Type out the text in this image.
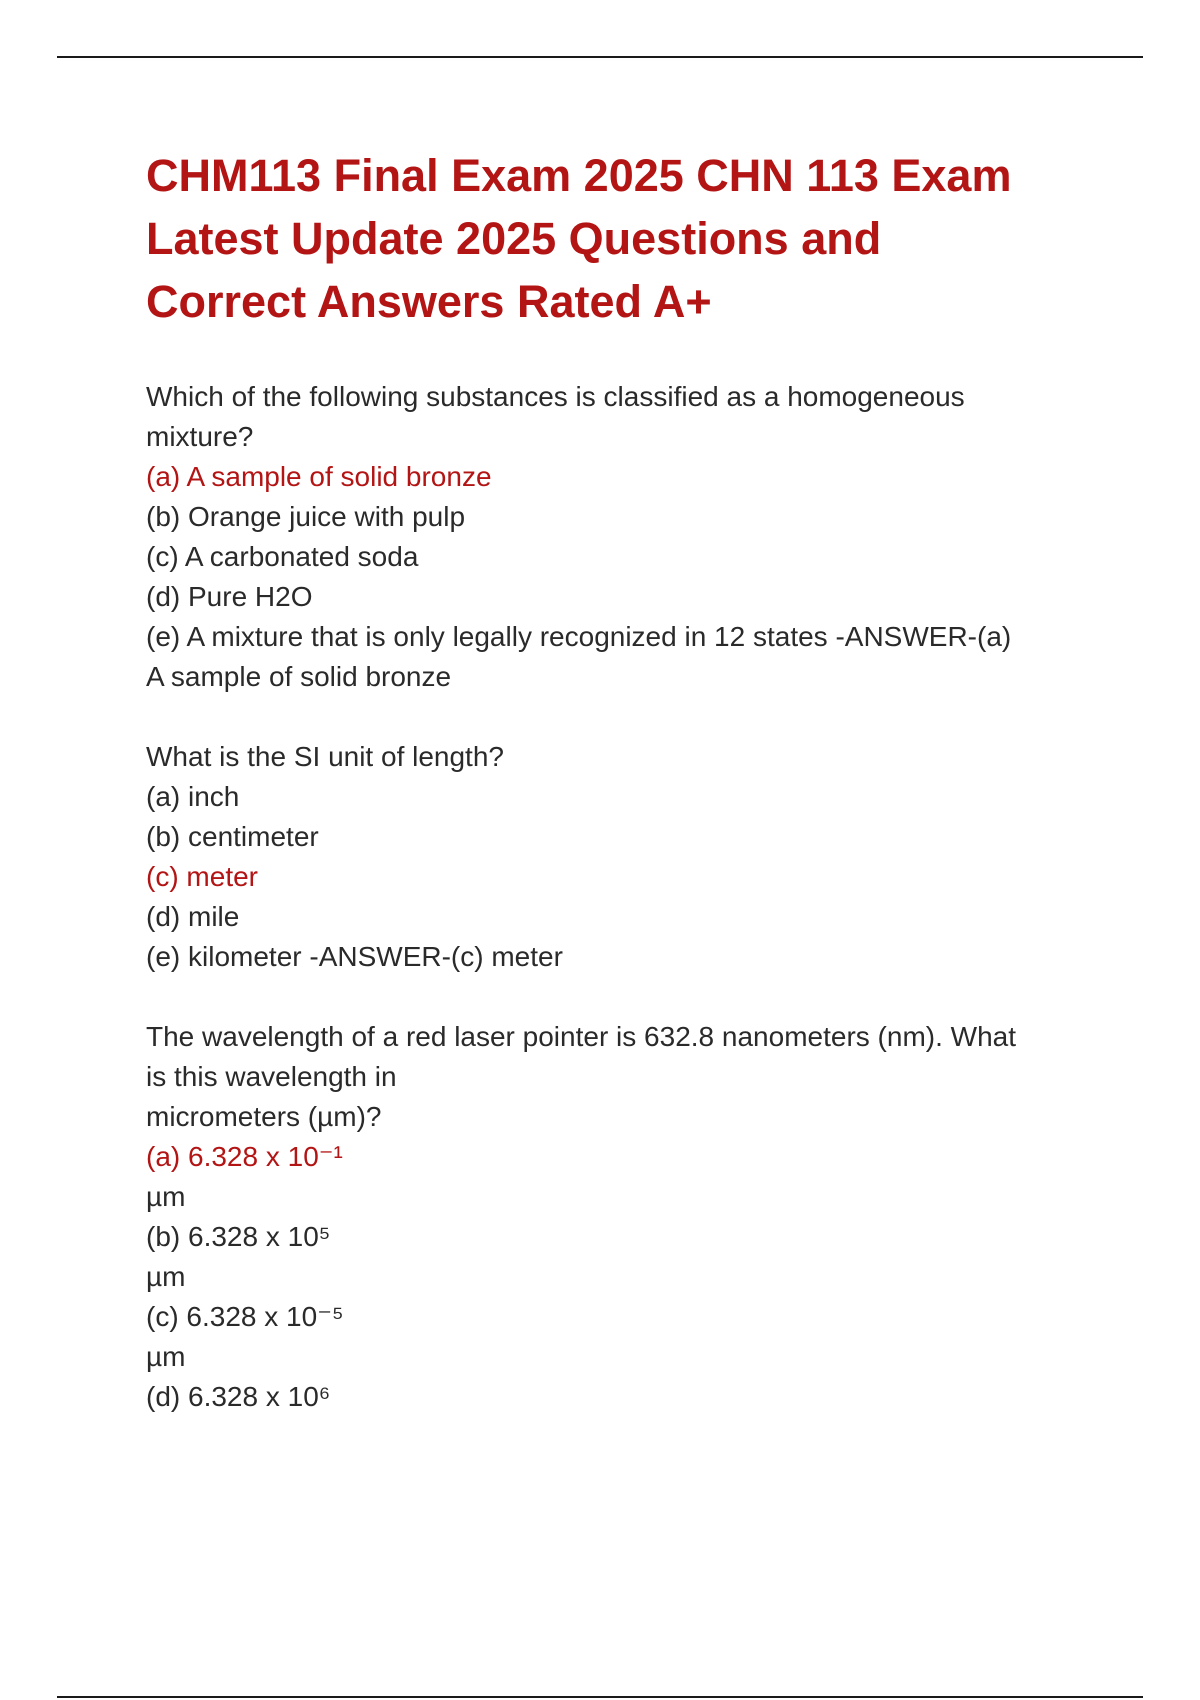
CHM113 Final Exam 2025 CHN 113 Exam
Latest Update 2025 Questions and
Correct Answers Rated A+
Which of the following substances is classified as a homogeneous
mixture?
(a) A sample of solid bronze
(b) Orange juice with pulp
(c) A carbonated soda
(d) Pure H2O
(e) A mixture that is only legally recognized in 12 states -ANSWER-(a)
A sample of solid bronze
What is the SI unit of length?
(a) inch
(b) centimeter
(c) meter
(d) mile
(e) kilometer -ANSWER-(c) meter
The wavelength of a red laser pointer is 632.8 nanometers (nm). What
is this wavelength in
micrometers (µm)?
(a) 6.328 x 10⁻¹
µm
(b) 6.328 x 10⁵
µm
(c) 6.328 x 10⁻⁵
µm
(d) 6.328 x 10⁶
